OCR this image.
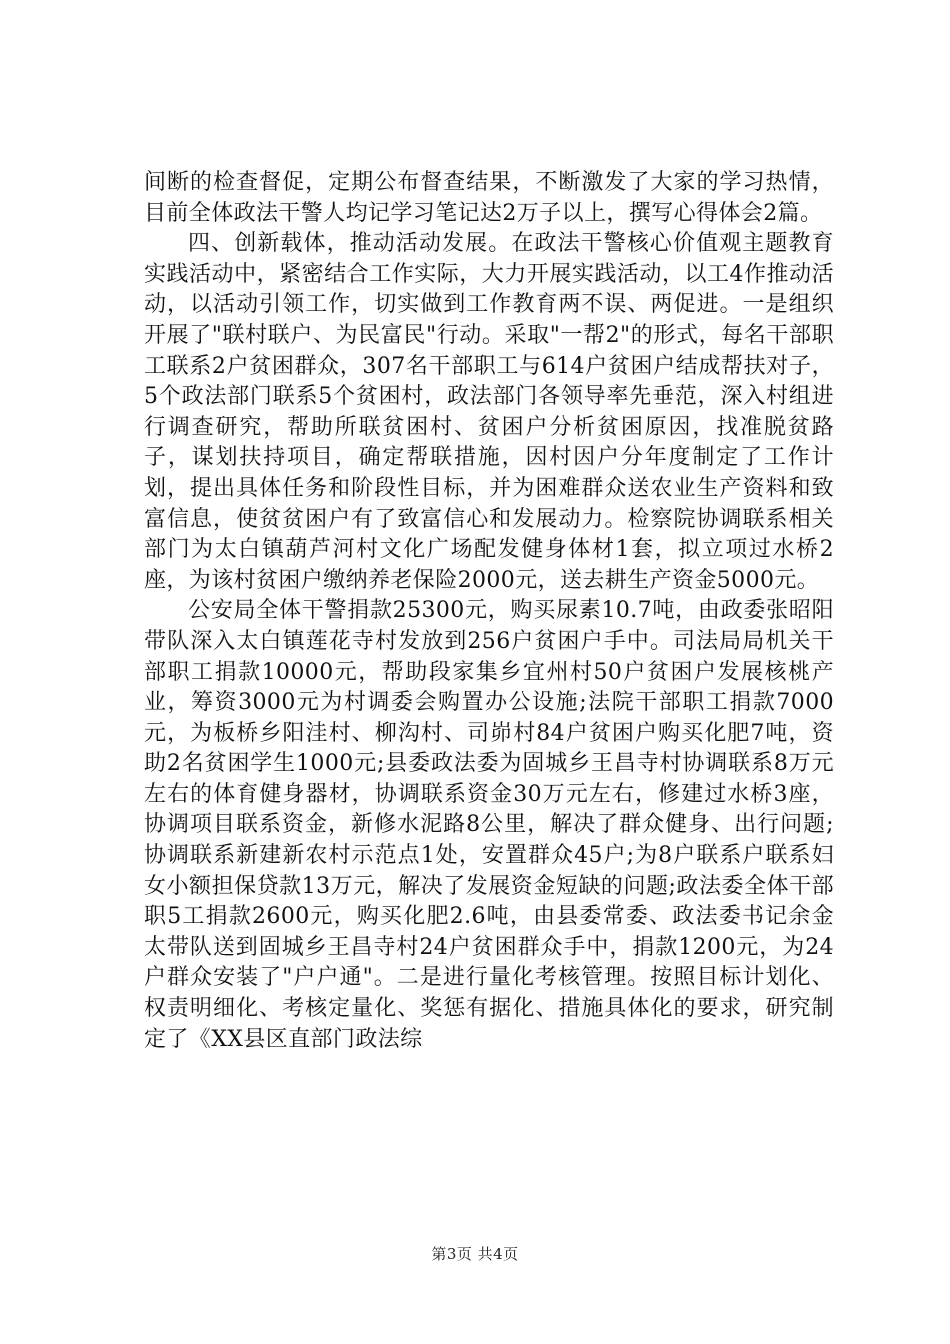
间断的检查督促，定期公布督查结果，不断激发了大家的学习热情，目前全体政法干警人均记学习笔记达2万子以上，撰写心得体会2篇。

四、创新载体，推动活动发展。在政法干警核心价值观主题教育实践活动中，紧密结合工作实际，大力开展实践活动，以工4作推动活动，以活动引领工作，切实做到工作教育两不误、两促进。一是组织开展了"联村联户、为民富民"行动。采取"一帮2"的形式，每名干部职工联系2户贫困群众，307名干部职工与614户贫困户结成帮扶对子，5个政法部门联系5个贫困村，政法部门各领导率先垂范，深入村组进行调查研究，帮助所联贫困村、贫困户分析贫困原因，找准脱贫路子，谋划扶持项目，确定帮联措施，因村因户分年度制定了工作计划，提出具体任务和阶段性目标，并为困难群众送农业生产资料和致富信息，使贫贫困户有了致富信心和发展动力。检察院协调联系相关部门为太白镇葫芦河村文化广场配发健身体材1套，拟立项过水桥2座，为该村贫困户缴纳养老保险2000元，送去耕生产资金5000元。

公安局全体干警捐款25300元，购买尿素10.7吨，由政委张昭阳带队深入太白镇莲花寺村发放到256户贫困户手中。司法局局机关干部职工捐款10000元，帮助段家集乡宜州村50户贫困户发展核桃产业，筹资3000元为村调委会购置办公设施;法院干部职工捐款7000元，为板桥乡阳洼村、柳沟村、司峁村84户贫困户购买化肥7吨，资助2名贫困学生1000元;县委政法委为固城乡王昌寺村协调联系8万元左右的体育健身器材，协调联系资金30万元左右，修建过水桥3座，协调项目联系资金，新修水泥路8公里，解决了群众健身、出行问题;协调联系新建新农村示范点1处，安置群众45户;为8户联系户联系妇女小额担保贷款13万元，解决了发展资金短缺的问题;政法委全体干部职5工捐款2600元，购买化肥2.6吨，由县委常委、政法委书记余金太带队送到固城乡王昌寺村24户贫困群众手中，捐款1200元，为24户群众安装了"户户通"。二是进行量化考核管理。按照目标计划化、权责明细化、考核定量化、奖惩有据化、措施具体化的要求，研究制定了《XX县区直部门政法综

第3页 共4页
